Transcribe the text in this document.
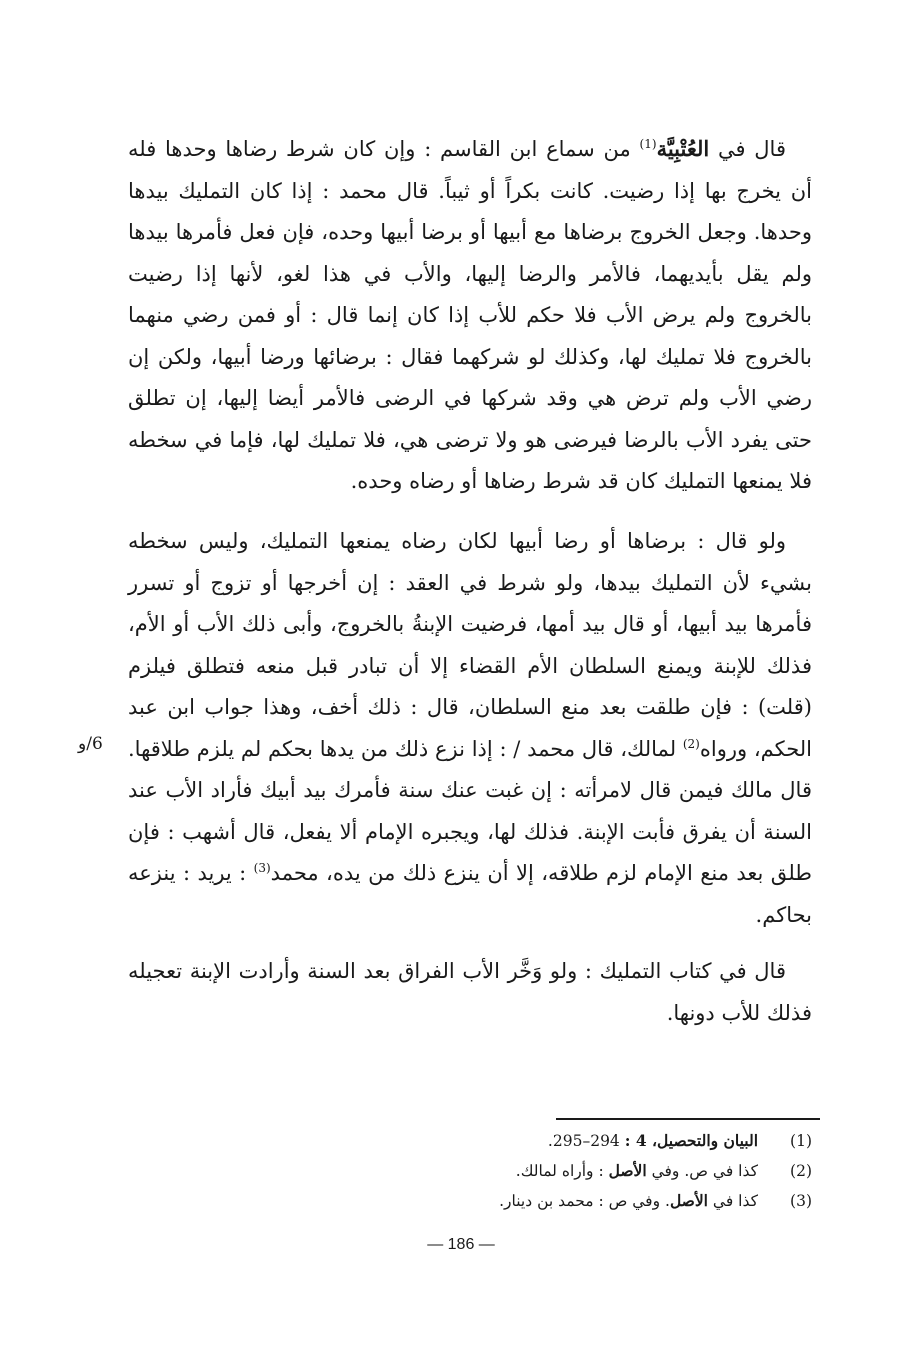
قال في العُتْبِيَّة$^{(1)}$ من سماع ابن القاسم : وإن كان شرط رضاها وحدها فله أن يخرج بها إذا رضيت. كانت بكراً أو ثيباً. قال محمد : إذا كان التمليك بيدها وحدها. وجعل الخروج برضاها مع أبيها أو برضا أبيها وحده، فإن فعل فأمرها بيدها ولم يقل بأيديهما، فالأمر والرضا إليها، والأب في هذا لغو، لأنها إذا رضيت بالخروج ولم يرض الأب فلا حكم للأب إذا كان إنما قال : أو فمن رضي منهما بالخروج فلا تمليك لها، وكذلك لو شركهما فقال : برضائها ورضا أبيها، ولكن إن رضي الأب ولم ترض هي وقد شركها في الرضى فالأمر أيضا إليها، إن تطلق حتى يفرد الأب بالرضا فيرضى هو ولا ترضى هي، فلا تمليك لها، فإما في سخطه فلا يمنعها التمليك كان قد شرط رضاها أو رضاه وحده.

ولو قال : برضاها أو رضا أبيها لكان رضاه يمنعها التمليك، وليس سخطه بشيء لأن التمليك بيدها، ولو شرط في العقد : إن أخرجها أو تزوج أو تسرر فأمرها بيد أبيها، أو قال بيد أمها، فرضيت الإبنةُ بالخروج، وأبى ذلك الأب أو الأم، فذلك للإبنة ويمنع السلطان الأم القضاء إلا أن تبادر قبل منعه فتطلق فيلزم (قلت) : فإن طلقت بعد منع السلطان، قال : ذلك أخف، وهذا جواب ابن عبد الحكم، ورواه$^{(2)}$ لمالك، قال محمد / : إذا نزع ذلك من يدها بحكم لم يلزم طلاقها. قال مالك فيمن قال لامرأته : إن غبت عنك سنة فأمرك بيد أبيك فأراد الأب عند السنة أن يفرق فأبت الإبنة. فذلك لها، ويجبره الإمام ألا يفعل، قال أشهب : فإن طلق بعد منع الإمام لزم طلاقه، إلا أن ينزع ذلك من يده، محمد$^{(3)}$ : يريد : ينزعه بحاكم.

قال في كتاب التمليك : ولو وَخَّر الأب الفراق بعد السنة وأرادت الإبنة تعجيله فذلك للأب دونها.

6/و
(1)
البيان والتحصيل، 4 : 294–295.
(2)
كذا في ص. وفي الأصل : وأراه لمالك.
(3)
كذا في الأصل. وفي ص : محمد بن دينار.
— 186 —
